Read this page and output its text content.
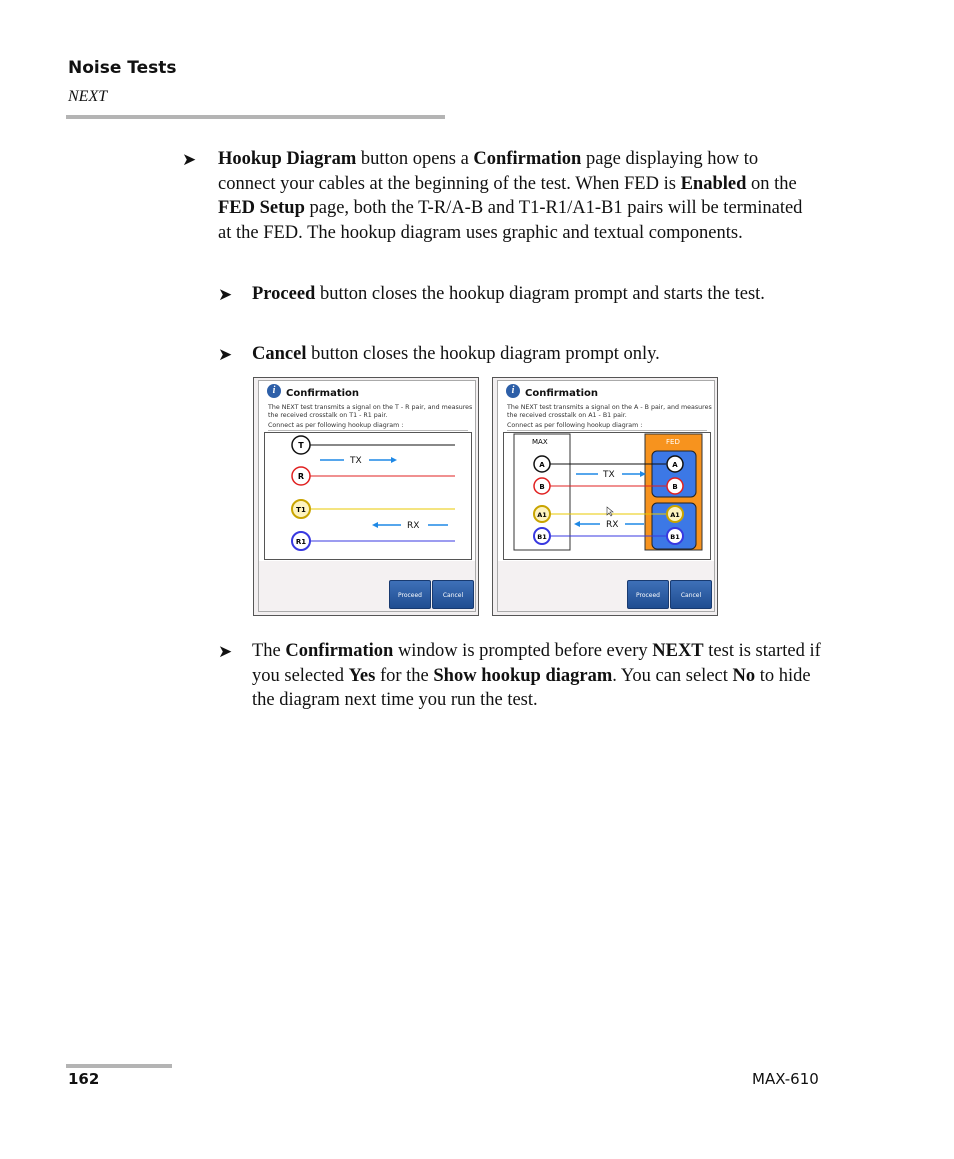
Noise Tests
NEXT
➤ Hookup Diagram button opens a Confirmation page displaying how to connect your cables at the beginning of the test. When FED is Enabled on the FED Setup page, both the T-R/A-B and T1-R1/A1-B1 pairs will be terminated at the FED. The hookup diagram uses graphic and textual components.
➤ Proceed button closes the hookup diagram prompt and starts the test.
➤ Cancel button closes the hookup diagram prompt only.
i	Confirmation
The NEXT test transmits a signal on the T - R pair, and measures the received crosstalk on T1 - R1 pair.
Connect as per following hookup diagram :
T
R
T1
R1
TX
RX
Proceed	Cancel
i	Confirmation
The NEXT test transmits a signal on the A - B pair, and measures the received crosstalk on A1 - B1 pair.
Connect as per following hookup diagram :
MAX	FED
A
B
A1
B1
A
B
A1
B1
TX
RX
Proceed	Cancel
➤ The Confirmation window is prompted before every NEXT test is started if you selected Yes for the Show hookup diagram. You can select No to hide the diagram next time you run the test.
162	MAX-610
